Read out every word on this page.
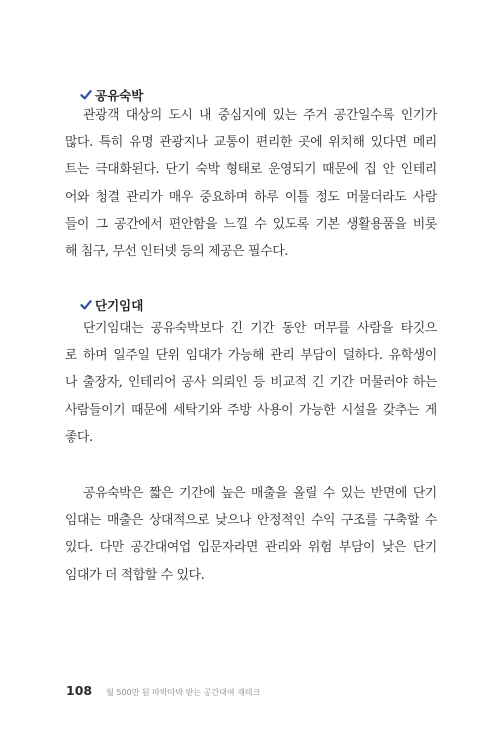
공유숙박
관광객 대상의 도시 내 중심지에 있는 주거 공간일수록 인기가
많다. 특히 유명 관광지나 교통이 편리한 곳에 위치해 있다면 메리
트는 극대화된다. 단기 숙박 형태로 운영되기 때문에 집 안 인테리
어와 청결 관리가 매우 중요하며 하루 이틀 정도 머물더라도 사람
들이 그 공간에서 편안함을 느낄 수 있도록 기본 생활용품을 비롯
해 침구, 무선 인터넷 등의 제공은 필수다.
단기임대
단기임대는 공유숙박보다 긴 기간 동안 머무를 사람을 타깃으
로 하며 일주일 단위 임대가 가능해 관리 부담이 덜하다. 유학생이
나 출장자, 인테리어 공사 의뢰인 등 비교적 긴 기간 머물러야 하는
사람들이기 때문에 세탁기와 주방 사용이 가능한 시설을 갖추는 게
좋다.
공유숙박은 짧은 기간에 높은 매출을 올릴 수 있는 반면에 단기
임대는 매출은 상대적으로 낮으나 안정적인 수익 구조를 구축할 수
있다. 다만 공간대여업 입문자라면 관리와 위험 부담이 낮은 단기
임대가 더 적합할 수 있다.
108 월 500만 원 따박따박 받는 공간대여 재테크
